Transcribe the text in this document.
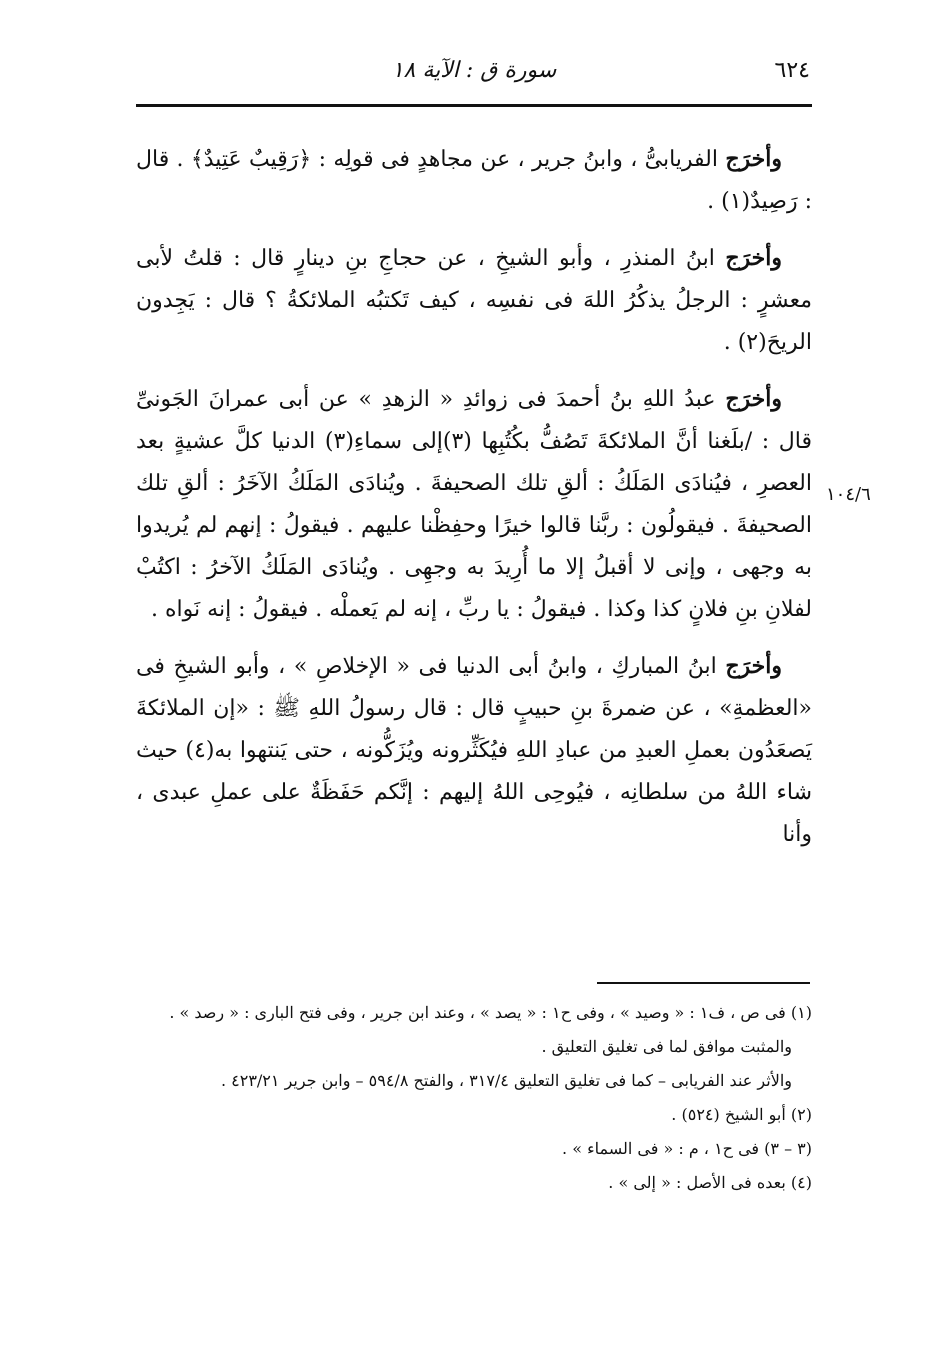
٦٢٤
سورة ق : الآية ١٨

وأخرَج الفريابىُّ ، وابنُ جرير ، عن مجاهدٍ فى قولِه : ﴿رَقِيبٌ عَتِيدٌ﴾ . قال : رَصِيدٌ(١) .

وأخرَج ابنُ المنذرِ ، وأبو الشيخِ ، عن حجاجِ بنِ دينارٍ قال : قلتُ لأبى معشرٍ : الرجلُ يذكُرُ اللهَ فى نفسِه ، كيف تَكتبُه الملائكةُ ؟ قال : يَجِدون الريحَ(٢) .

وأخرَج عبدُ اللهِ بنُ أحمدَ فى زوائدِ « الزهدِ » عن أبى عمرانَ الجَونىِّ قال : /بلَغنا أنَّ الملائكةَ تَصُفُّ بكُتُبِها (٣)إلى سماءِ(٣) الدنيا كلَّ عشيةٍ بعد العصرِ ، فيُنادَى المَلَكُ : ألقِ تلك الصحيفةَ . ويُنادَى المَلَكُ الآخَرُ : ألقِ تلك الصحيفةَ . فيقولُون : ربَّنا قالوا خيرًا وحفِظْنا عليهم . فيقولُ : إنهم لم يُريدوا به وجهى ، وإنى لا أقبلُ إلا ما أُرِيدَ به وجهِى . ويُنادَى المَلَكُ الآخرُ : اكتُبْ لفلانِ بنِ فلانٍ كذا وكذا . فيقولُ : يا ربِّ ، إنه لم يَعملْه . فيقولُ : إنه نَواه .

وأخرَج ابنُ المباركِ ، وابنُ أبى الدنيا فى « الإخلاصِ » ، وأبو الشيخِ فى «العظمةِ» ، عن ضمرةَ بنِ حبيبٍ قال : قال رسولُ اللهِ ﷺ : «إن الملائكةَ يَصعَدُون بعملِ العبدِ من عبادِ اللهِ فيُكَثِّرونه ويُزَكُّونه ، حتى يَنتهوا به(٤) حيث شاء اللهُ من سلطانِه ، فيُوحِى اللهُ إليهم : إنَّكم حَفَظَةٌ على عملِ عبدى ، وأنا

١٠٤/٦

(١) فى ص ، ف١ : « وصيد » ، وفى ح١ : « يصد » ، وعند ابن جرير ، وفى فتح البارى : « رصد » .

والمثبت موافق لما فى تغليق التعليق .

والأثر عند الفريابى – كما فى تغليق التعليق ٣١٧/٤ ، والفتح ٥٩٤/٨ – وابن جرير ٤٢٣/٢١ .

(٢) أبو الشيخ (٥٢٤) .

(٣ – ٣) فى ح١ ، م : « فى السماء » .

(٤) بعده فى الأصل : « إلى » .
